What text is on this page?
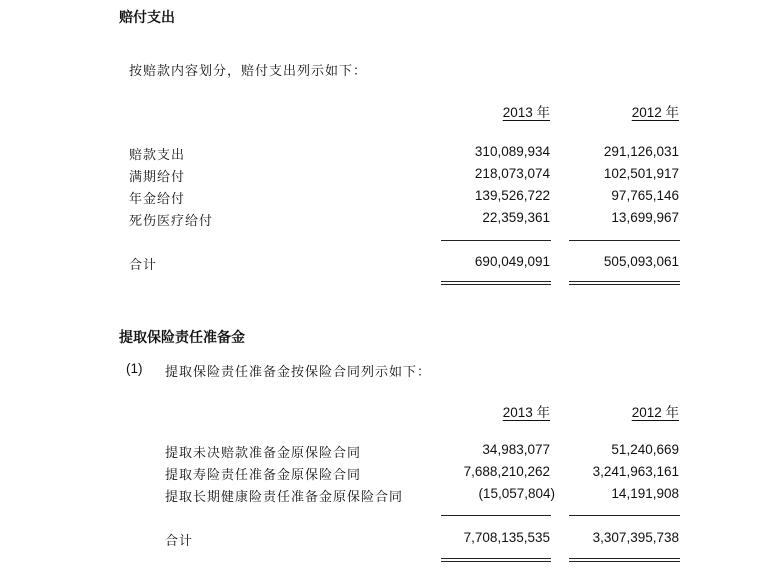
赔付支出
按赔款内容划分，赔付支出列示如下：
2013 年	2012 年
赔款支出	310,089,934	291,126,031
满期给付	218,073,074	102,501,917
年金给付	139,526,722	97,765,146
死伤医疗给付	22,359,361	13,699,967
合计	690,049,091	505,093,061
提取保险责任准备金
(1) 提取保险责任准备金按保险合同列示如下：
2013 年	2012 年
提取未决赔款准备金原保险合同	34,983,077	51,240,669
提取寿险责任准备金原保险合同	7,688,210,262	3,241,963,161
提取长期健康险责任准备金原保险合同	(15,057,804)	14,191,908
合计	7,708,135,535	3,307,395,738
